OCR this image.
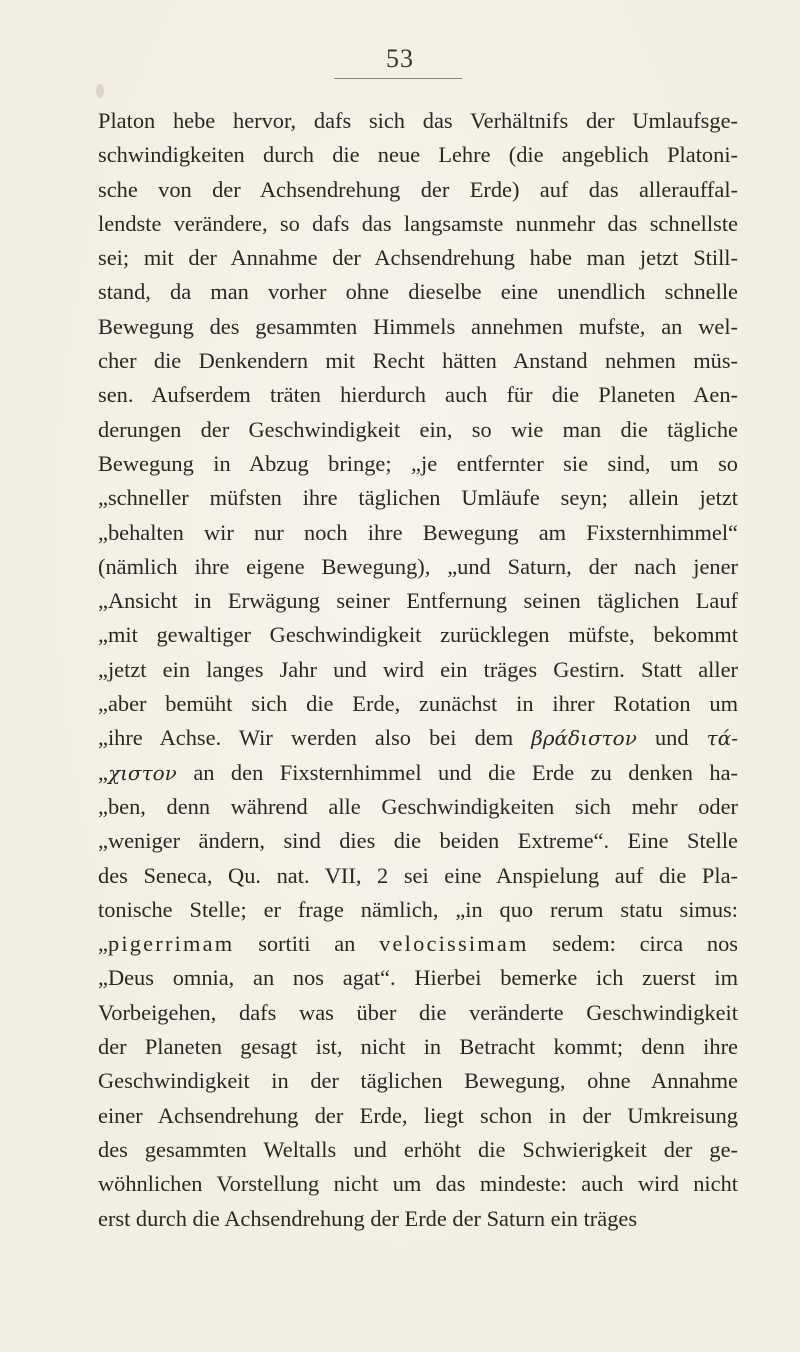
53
Platon hebe hervor, dafs sich das Verhältnifs der Umlaufsge-
schwindigkeiten durch die neue Lehre (die angeblich Platoni-
sche von der Achsendrehung der Erde) auf das allerauffal-
lendste verändere, so dafs das langsamste nunmehr das schnellste
sei; mit der Annahme der Achsendrehung habe man jetzt Still-
stand, da man vorher ohne dieselbe eine unendlich schnelle
Bewegung des gesammten Himmels annehmen mufste, an wel-
cher die Denkendern mit Recht hätten Anstand nehmen müs-
sen. Aufserdem träten hierdurch auch für die Planeten Aen-
derungen der Geschwindigkeit ein, so wie man die tägliche
Bewegung in Abzug bringe; „je entfernter sie sind, um so
„schneller müfsten ihre täglichen Umläufe seyn; allein jetzt
„behalten wir nur noch ihre Bewegung am Fixsternhimmel“
(nämlich ihre eigene Bewegung), „und Saturn, der nach jener
„Ansicht in Erwägung seiner Entfernung seinen täglichen Lauf
„mit gewaltiger Geschwindigkeit zurücklegen müfste, bekommt
„jetzt ein langes Jahr und wird ein träges Gestirn. Statt aller
„aber bemüht sich die Erde, zunächst in ihrer Rotation um
„ihre Achse. Wir werden also bei dem βράδιστον und τά-
„χιστον an den Fixsternhimmel und die Erde zu denken ha-
„ben, denn während alle Geschwindigkeiten sich mehr oder
„weniger ändern, sind dies die beiden Extreme“. Eine Stelle
des Seneca, Qu. nat. VII, 2 sei eine Anspielung auf die Pla-
tonische Stelle; er frage nämlich, „in quo rerum statu simus:
„pigerrimam sortiti an velocissimam sedem: circa nos
„Deus omnia, an nos agat“. Hierbei bemerke ich zuerst im
Vorbeigehen, dafs was über die veränderte Geschwindigkeit
der Planeten gesagt ist, nicht in Betracht kommt; denn ihre
Geschwindigkeit in der täglichen Bewegung, ohne Annahme
einer Achsendrehung der Erde, liegt schon in der Umkreisung
des gesammten Weltalls und erhöht die Schwierigkeit der ge-
wöhnlichen Vorstellung nicht um das mindeste: auch wird nicht
erst durch die Achsendrehung der Erde der Saturn ein träges
